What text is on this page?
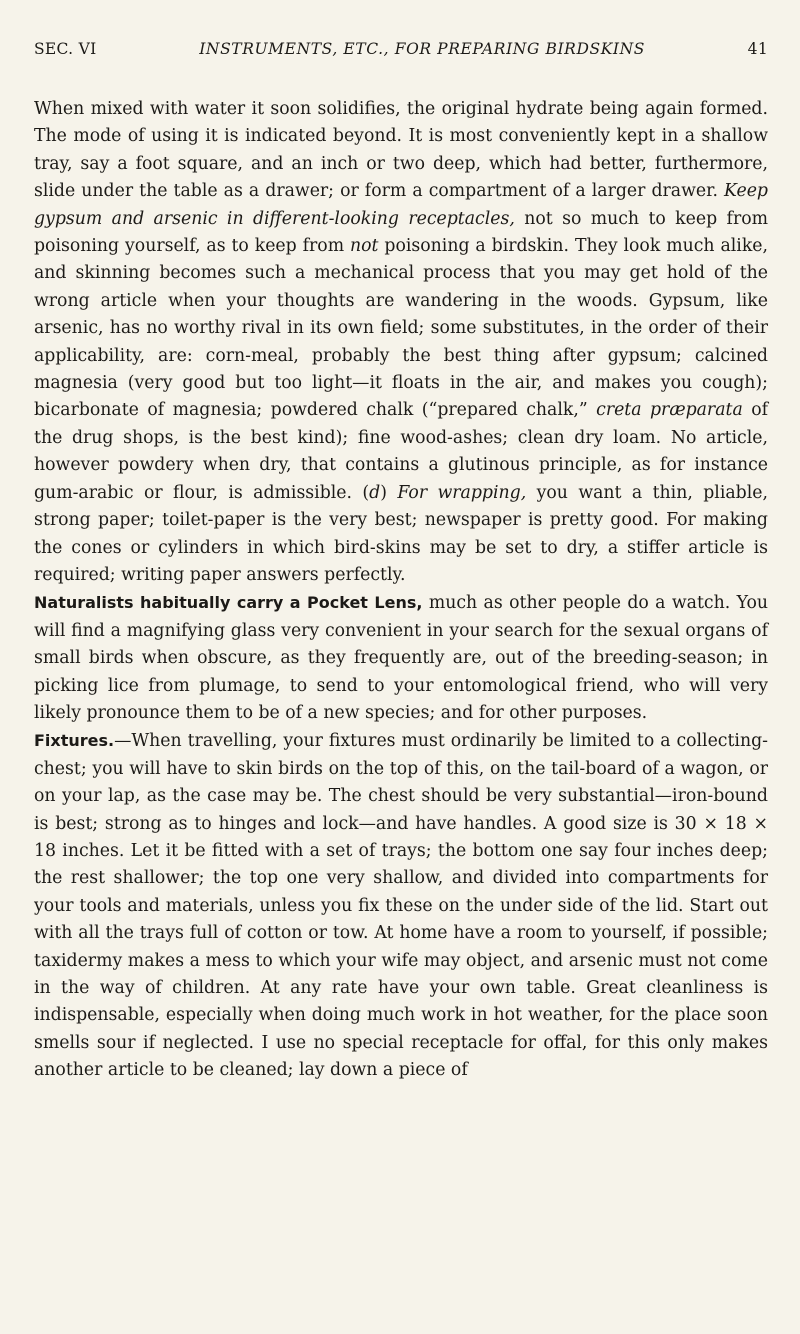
SEC. VI	INSTRUMENTS, ETC., FOR PREPARING BIRDSKINS	41

When mixed with water it soon solidifies, the original hydrate being again formed. The mode of using it is indicated beyond. It is most conveniently kept in a shallow tray, say a foot square, and an inch or two deep, which had better, furthermore, slide under the table as a drawer; or form a compartment of a larger drawer. Keep gypsum and arsenic in different-looking receptacles, not so much to keep from poisoning yourself, as to keep from not poisoning a birdskin. They look much alike, and skinning becomes such a mechanical process that you may get hold of the wrong article when your thoughts are wandering in the woods. Gypsum, like arsenic, has no worthy rival in its own field; some substitutes, in the order of their applicability, are: corn-meal, probably the best thing after gypsum; calcined magnesia (very good but too light—it floats in the air, and makes you cough); bicarbonate of magnesia; powdered chalk (“prepared chalk,” creta præparata of the drug shops, is the best kind); fine wood-ashes; clean dry loam. No article, however powdery when dry, that contains a glutinous principle, as for instance gum-arabic or flour, is admissible. (d) For wrapping, you want a thin, pliable, strong paper; toilet-paper is the very best; newspaper is pretty good. For making the cones or cylinders in which bird-skins may be set to dry, a stiffer article is required; writing paper answers perfectly.

Naturalists habitually carry a Pocket Lens, much as other people do a watch. You will find a magnifying glass very convenient in your search for the sexual organs of small birds when obscure, as they frequently are, out of the breeding-season; in picking lice from plumage, to send to your entomological friend, who will very likely pronounce them to be of a new species; and for other purposes.

Fixtures.—When travelling, your fixtures must ordinarily be limited to a collecting-chest; you will have to skin birds on the top of this, on the tail-board of a wagon, or on your lap, as the case may be. The chest should be very substantial—iron-bound is best; strong as to hinges and lock—and have handles. A good size is 30 × 18 × 18 inches. Let it be fitted with a set of trays; the bottom one say four inches deep; the rest shallower; the top one very shallow, and divided into compartments for your tools and materials, unless you fix these on the under side of the lid. Start out with all the trays full of cotton or tow. At home have a room to yourself, if possible; taxidermy makes a mess to which your wife may object, and arsenic must not come in the way of children. At any rate have your own table. Great cleanliness is indispensable, especially when doing much work in hot weather, for the place soon smells sour if neglected. I use no special receptacle for offal, for this only makes another article to be cleaned; lay down a piece of
